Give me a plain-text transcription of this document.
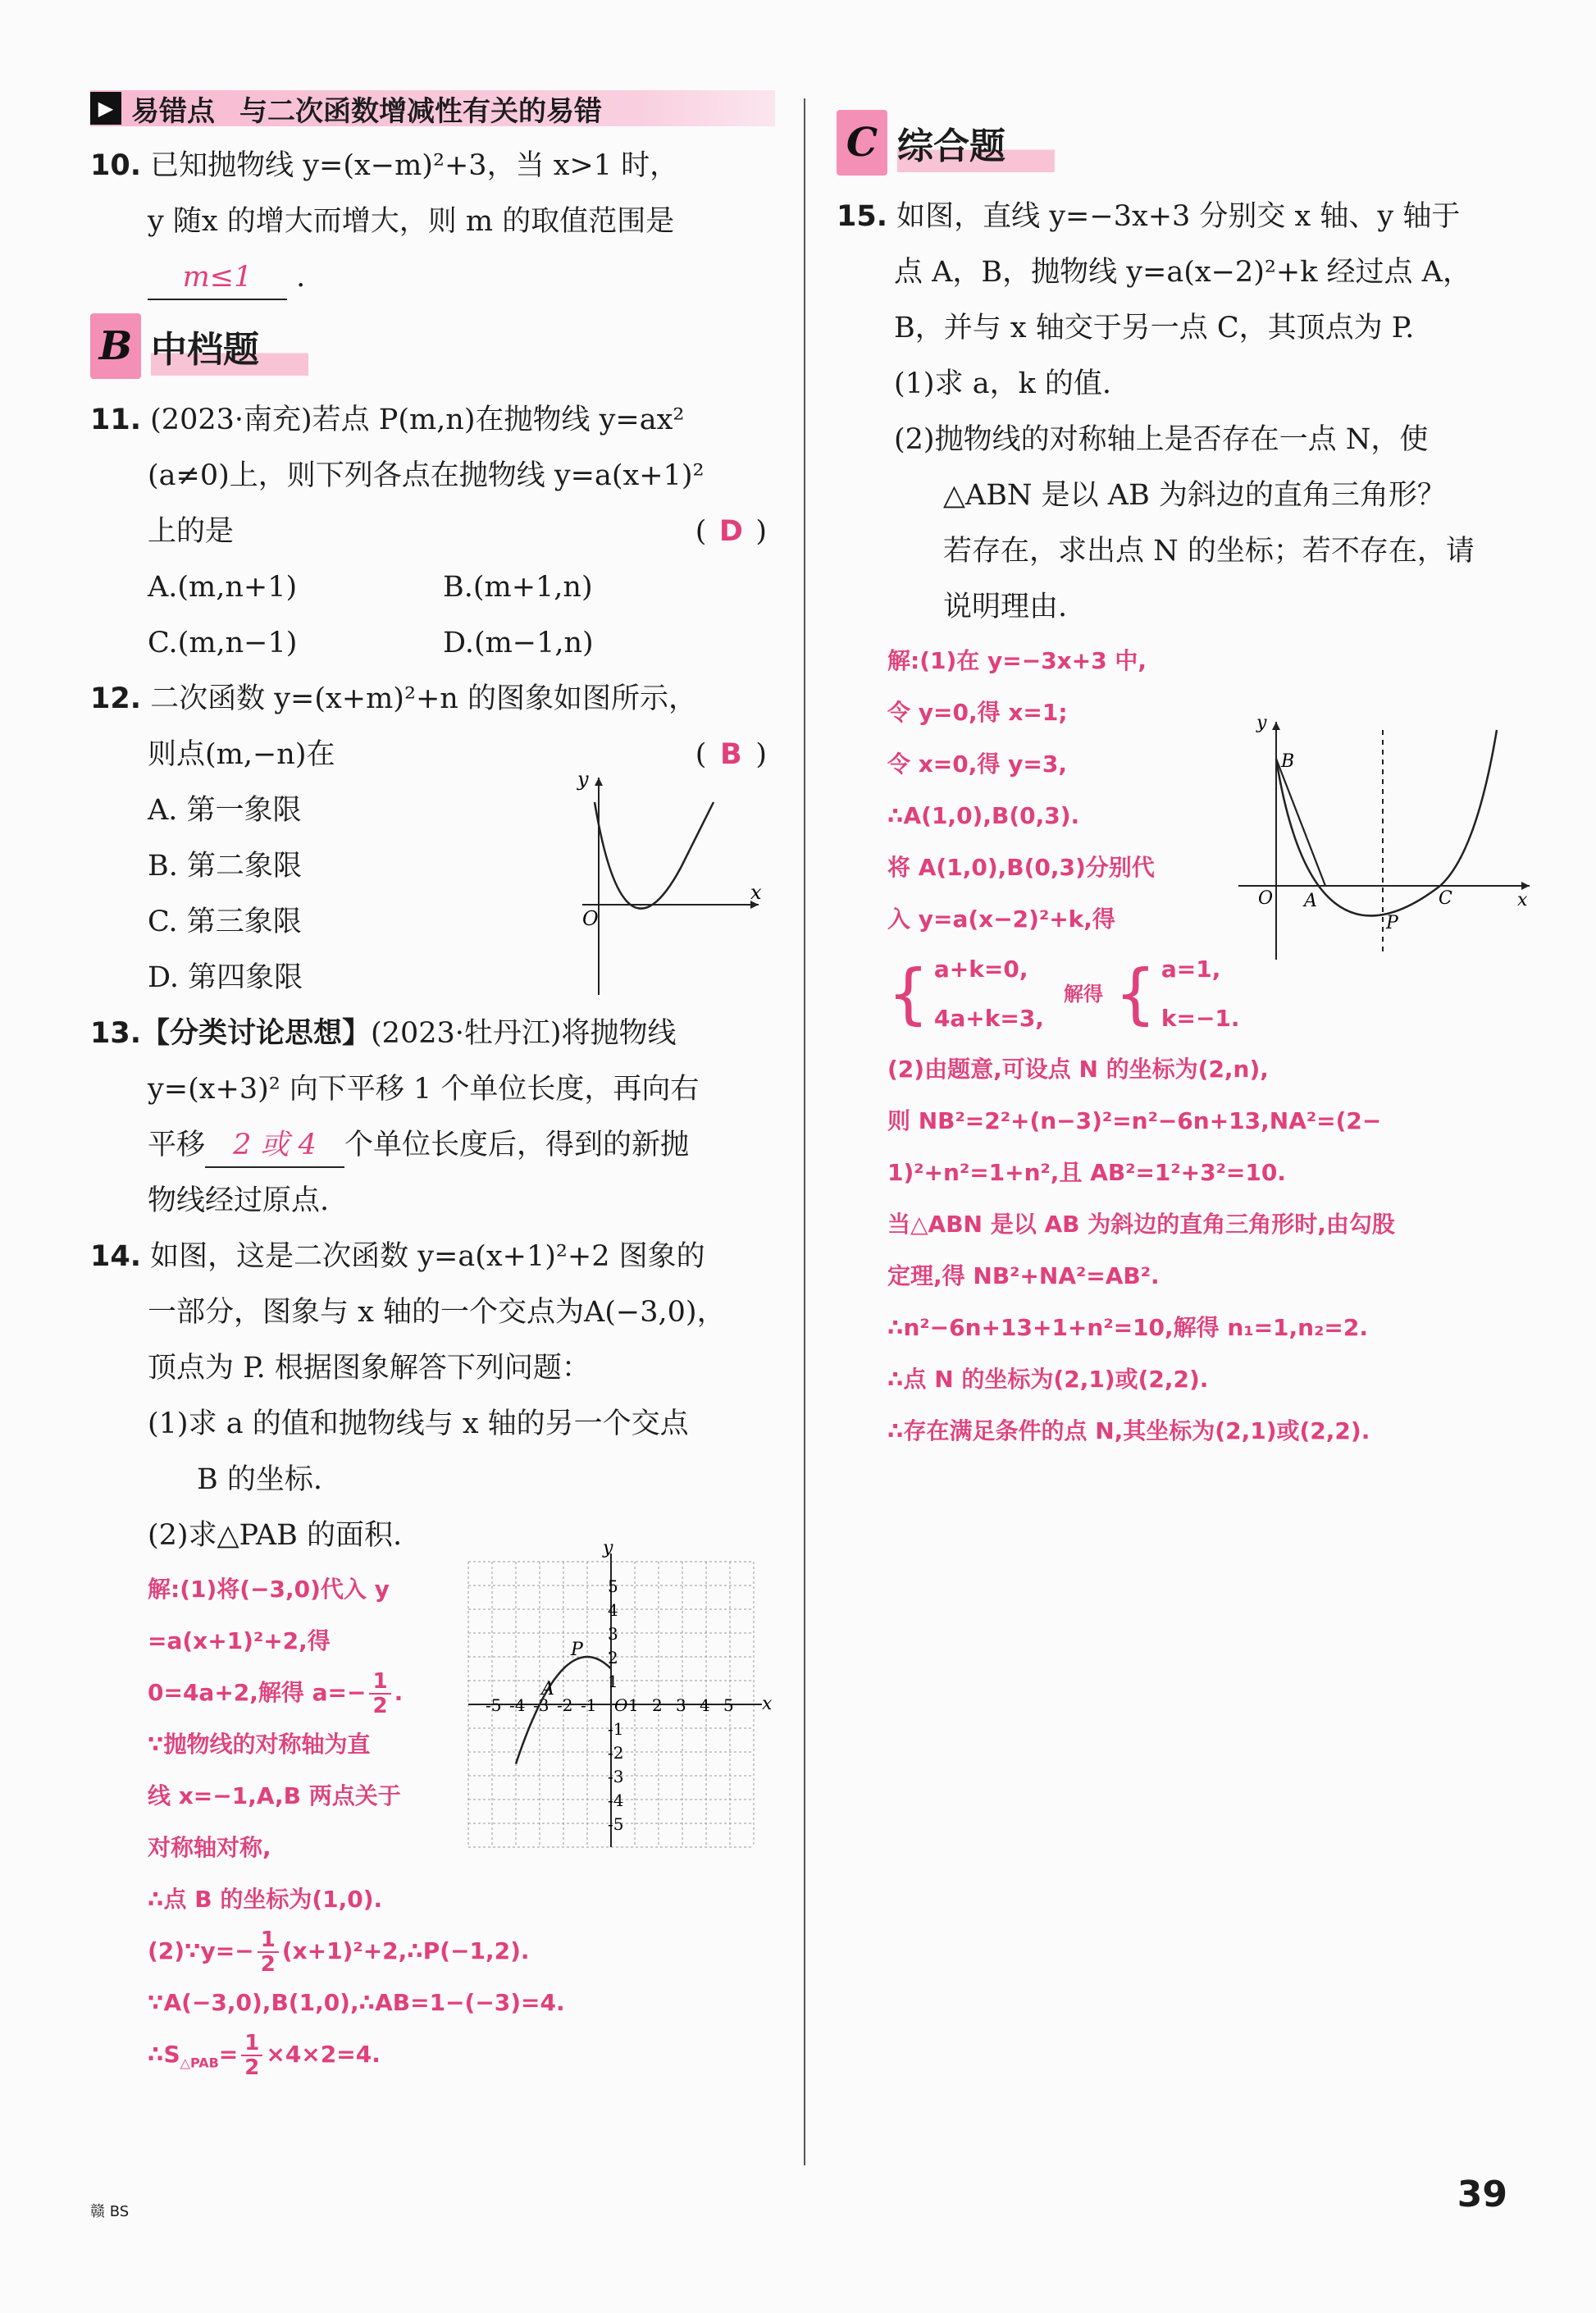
▶ 易错点 与二次函数增减性有关的易错
10. 已知抛物线 y=(x−m)²+3，当 x>1 时，
y 随x 的增大而增大，则 m 的取值范围是
m≤1 .
B 中档题
11. (2023·南充)若点 P(m,n)在抛物线 y=ax²
(a≠0)上，则下列各点在抛物线 y=a(x+1)²
上的是	( D )
A.(m,n+1)	B.(m+1,n)
C.(m,n−1)	D.(m−1,n)
12. 二次函数 y=(x+m)²+n 的图象如图所示，
则点(m,−n)在	( B )
A. 第一象限
B. 第二象限
C. 第三象限
D. 第四象限
O
x
y
13.【分类讨论思想】(2023·牡丹江)将抛物线
y=(x+3)² 向下平移 1 个单位长度，再向右
平移 2 或 4 个单位长度后，得到的新抛
物线经过原点.
14. 如图，这是二次函数 y=a(x+1)²+2 图象的
一部分，图象与 x 轴的一个交点为A(−3,0)，
顶点为 P. 根据图象解答下列问题：
(1)求 a 的值和抛物线与 x 轴的另一个交点
B 的坐标.
(2)求△PAB 的面积.
解:(1)将(−3,0)代入 y
=a(x+1)²+2,得
0=4a+2,解得 $a=- \frac{1}{2}$ .
∵抛物线的对称轴为直
线 x=−1,A,B 两点关于
对称轴对称,
∴点 B 的坐标为(1,0).
(2)∵y=− $\frac{1}{2}$ (x+1)²+2,∴P(−1,2).
∵A(−3,0),B(1,0),∴AB=1−(−3)=4.
$\therefore S_{\triangle PAB}= \frac{1}{2} \times 4\times 2=4$.
-5 -4 -3 -2 -1 1 2 3 4 5
5
4
3
2
1
-1
-2
-3
-4
-5
x
y
O
P
A
C 综合题
15. 如图，直线 y=−3x+3 分别交 x 轴、y 轴于
点 A，B，抛物线 y=a(x−2)²+k 经过点 A，
B，并与 x 轴交于另一点 C，其顶点为 P.
(1)求 a，k 的值.
(2)抛物线的对称轴上是否存在一点 N，使
△ABN 是以 AB 为斜边的直角三角形？
若存在，求出点 N 的坐标；若不存在，请
说明理由.
解:(1)在 y=−3x+3 中,
令 y=0,得 x=1;
令 x=0,得 y=3,
∴A(1,0),B(0,3).
将 A(1,0),B(0,3)分别代
入 y=a(x−2)²+k,得
{ a+k=0,
4a+k=3,
解得 { a=1,
k=−1.
(2)由题意,可设点 N 的坐标为(2,n),
则 NB²=2²+(n−3)²=n²−6n+13,NA²=(2−
1)²+n²=1+n²,且 AB²=1²+3²=10.
当△ABN 是以 AB 为斜边的直角三角形时,由勾股
定理,得 NB²+NA²=AB².
∴n²−6n+13+1+n²=10,解得 n₁=1,n₂=2.
∴点 N 的坐标为(2,1)或(2,2).
∴存在满足条件的点 N,其坐标为(2,1)或(2,2).
O A
B
C
P
x
y
赣 BS	39
